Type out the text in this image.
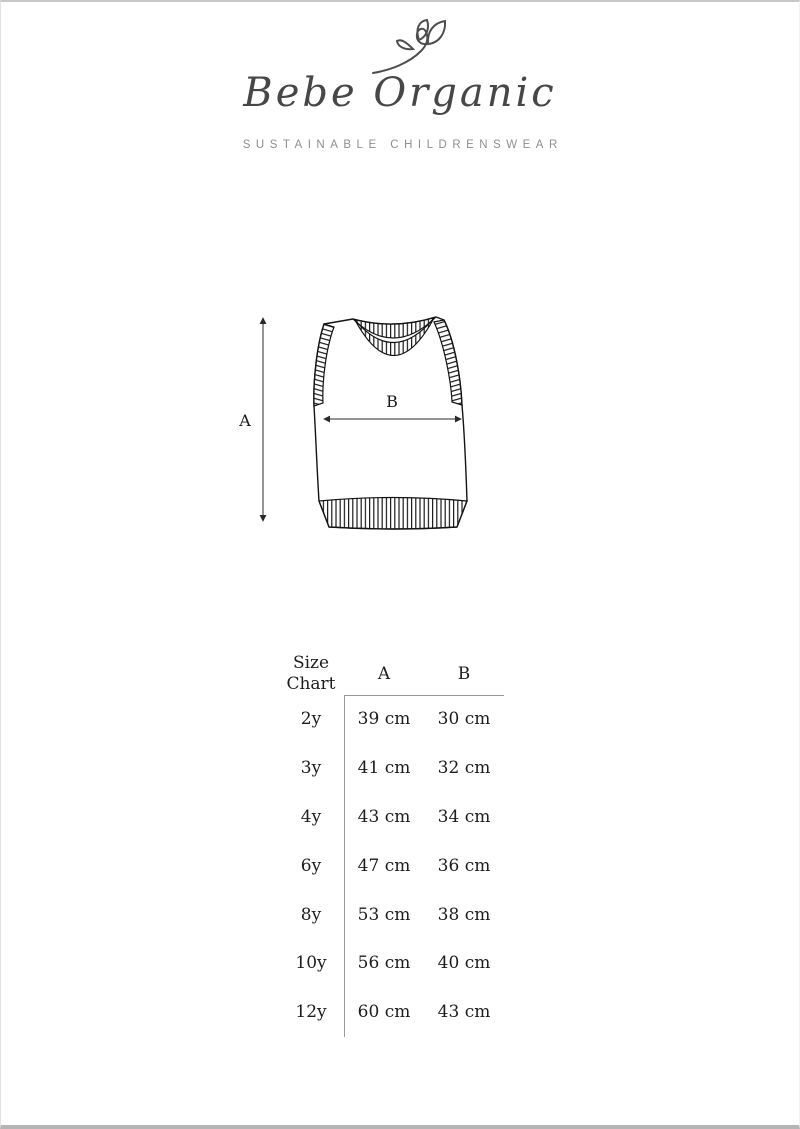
Bebe Organic
SUSTAINABLE CHILDRENSWEAR
A
B
Size Chart	A	B
2y	39 cm	30 cm
3y	41 cm	32 cm
4y	43 cm	34 cm
6y	47 cm	36 cm
8y	53 cm	38 cm
10y	56 cm	40 cm
12y	60 cm	43 cm
